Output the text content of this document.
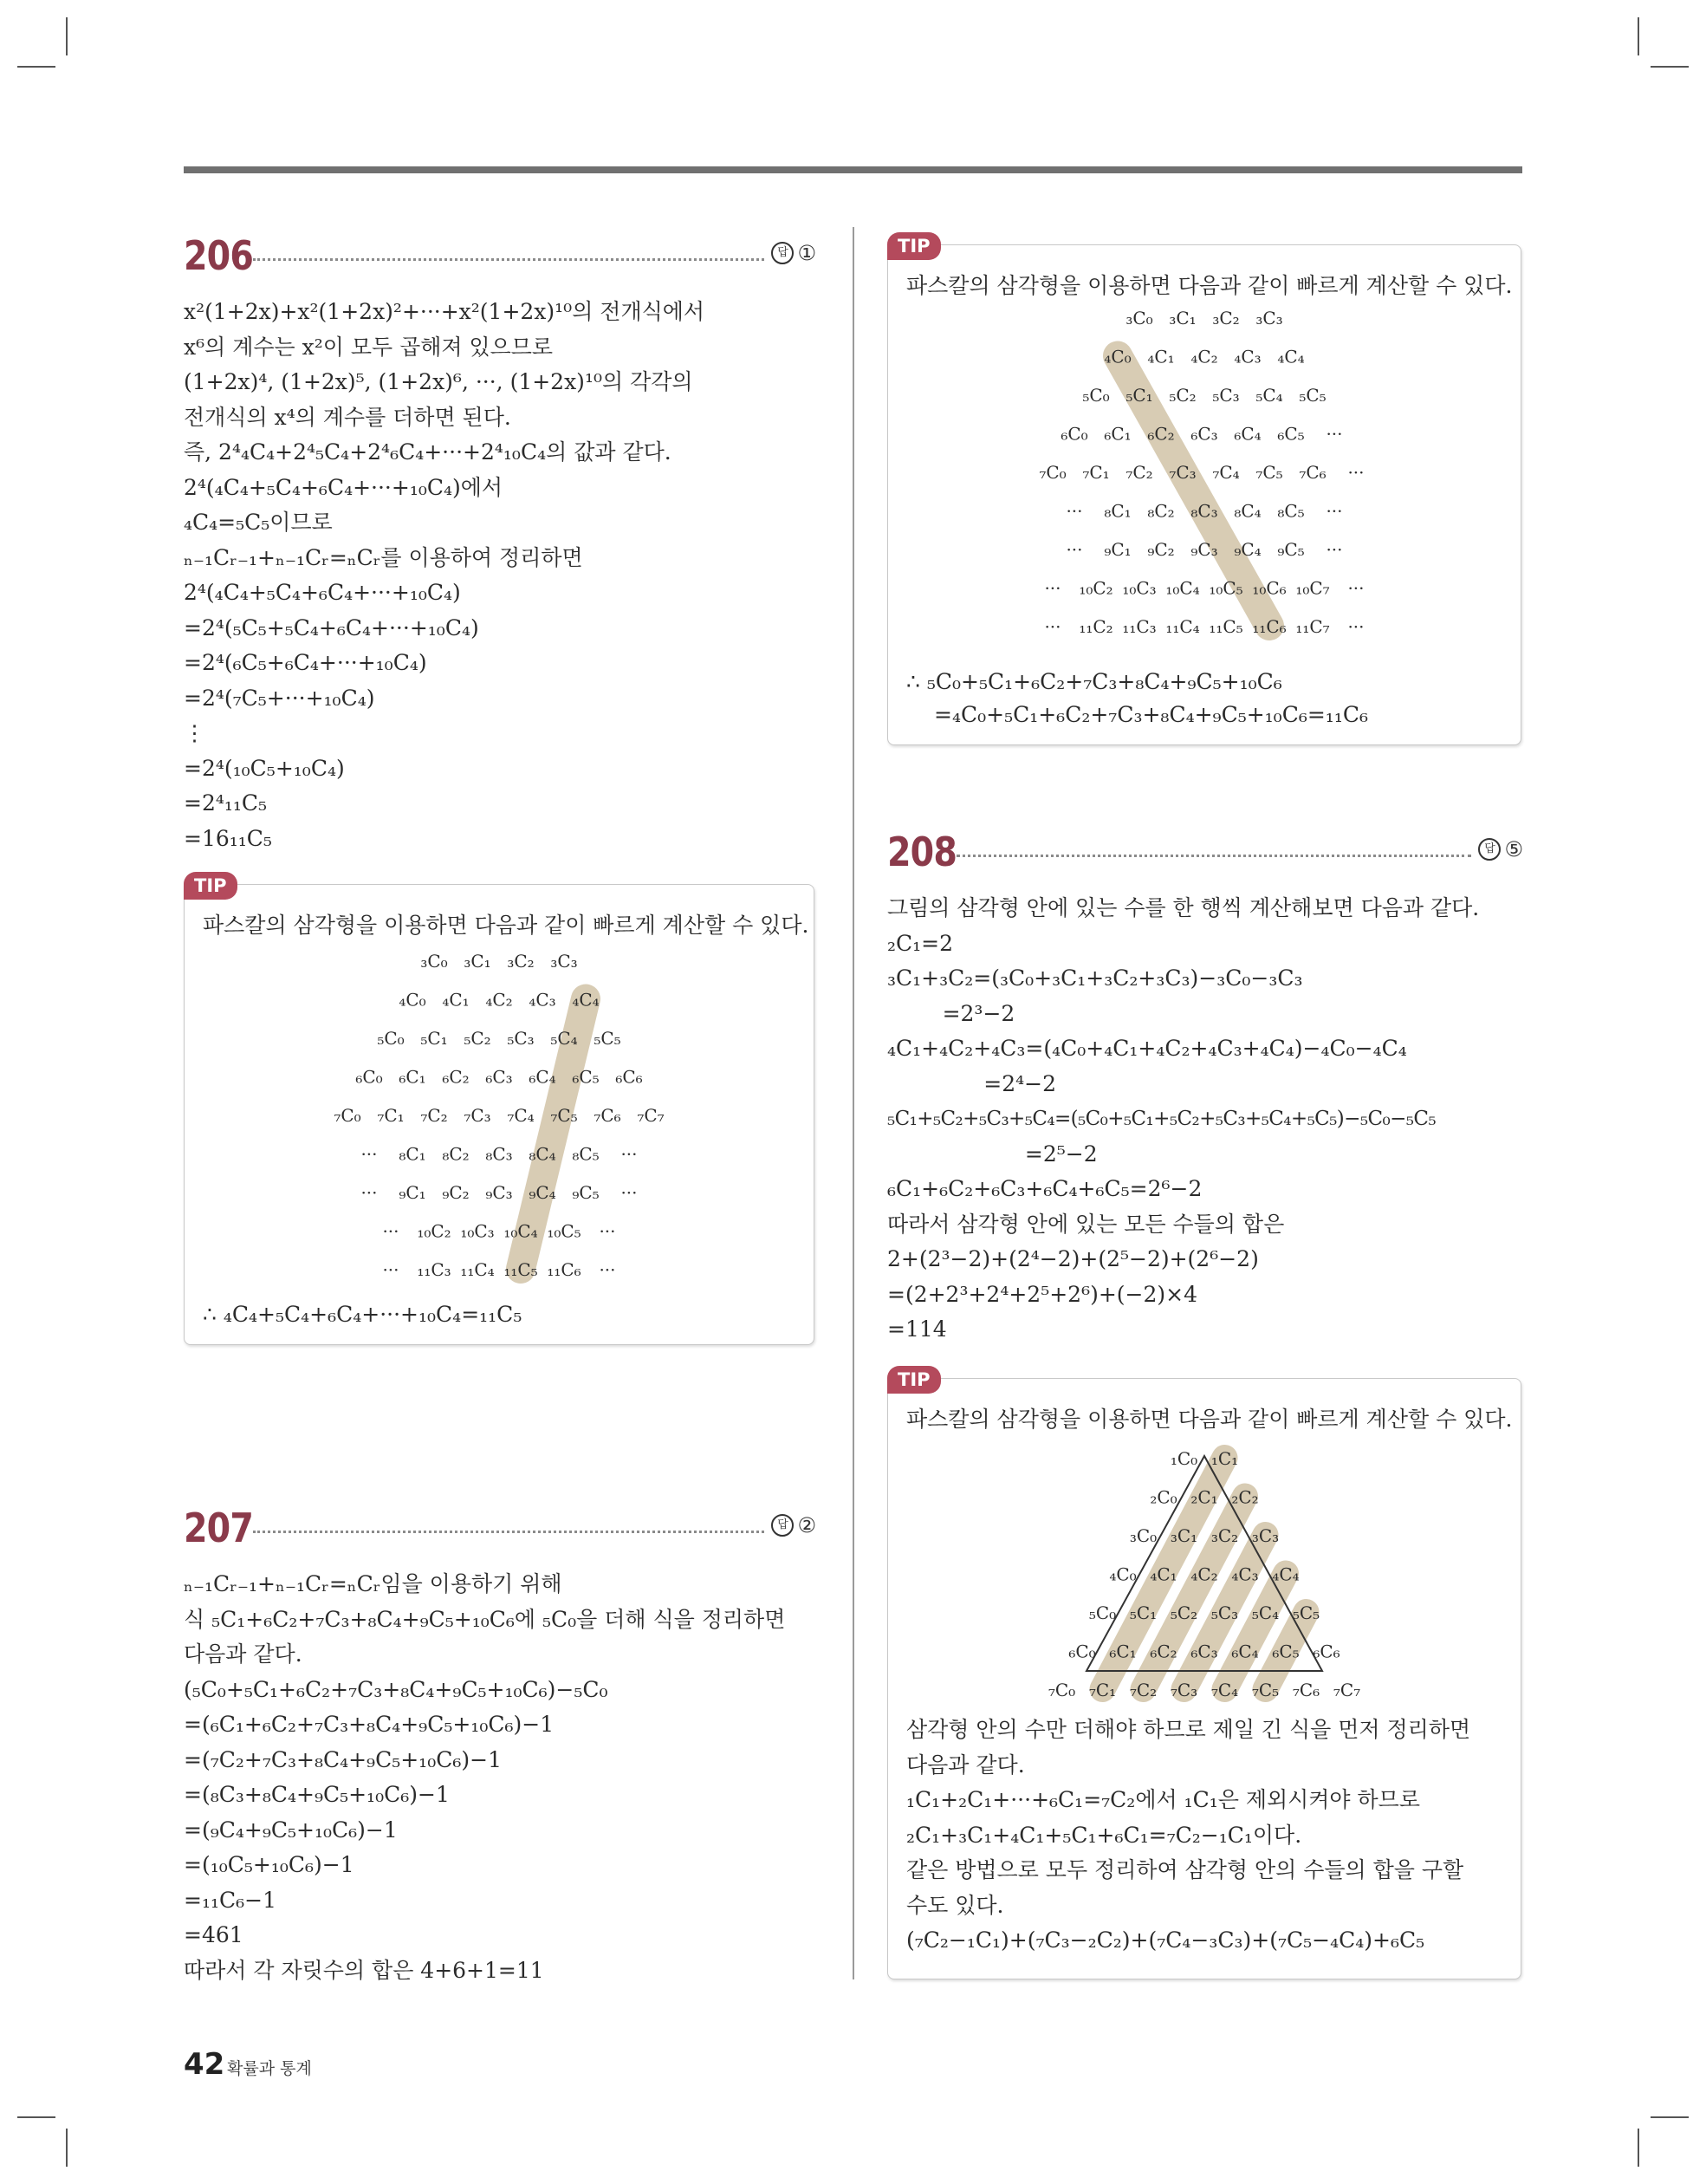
206	답 ①
x²(1+2x)+x²(1+2x)²+···+x²(1+2x)¹⁰의 전개식에서
x⁶의 계수는 x²이 모두 곱해져 있으므로
(1+2x)⁴, (1+2x)⁵, (1+2x)⁶, ···, (1+2x)¹⁰의 각각의
전개식의 x⁴의 계수를 더하면 된다.
즉, 2⁴₄C₄+2⁴₅C₄+2⁴₆C₄+···+2⁴₁₀C₄의 값과 같다.
2⁴(₄C₄+₅C₄+₆C₄+···+₁₀C₄)에서
₄C₄=₅C₅이므로
ₙ₋₁Cᵣ₋₁+ₙ₋₁Cᵣ=ₙCᵣ를 이용하여 정리하면
2⁴(₄C₄+₅C₄+₆C₄+···+₁₀C₄)
=2⁴(₅C₅+₅C₄+₆C₄+···+₁₀C₄)
=2⁴(₆C₅+₆C₄+···+₁₀C₄)
=2⁴(₇C₅+···+₁₀C₄)
⋮
=2⁴(₁₀C₅+₁₀C₄)
=2⁴₁₁C₅
=16₁₁C₅
TIP
파스칼의 삼각형을 이용하면 다음과 같이 빠르게 계산할 수 있다.
₃C₀ ₃C₁ ₃C₂ ₃C₃
₄C₀ ₄C₁ ₄C₂ ₄C₃ ₄C₄
₅C₀ ₅C₁ ₅C₂ ₅C₃ ₅C₄ ₅C₅
₆C₀ ₆C₁ ₆C₂ ₆C₃ ₆C₄ ₆C₅ ₆C₆
₇C₀ ₇C₁ ₇C₂ ₇C₃ ₇C₄ ₇C₅ ₇C₆ ₇C₇
··· ₈C₁ ₈C₂ ₈C₃ ₈C₄ ₈C₅ ···
··· ₉C₁ ₉C₂ ₉C₃ ₉C₄ ₉C₅ ···
··· ₁₀C₂ ₁₀C₃ ₁₀C₄ ₁₀C₅ ···
··· ₁₁C₃ ₁₁C₄ ₁₁C₅ ₁₁C₆ ···
∴ ₄C₄+₅C₄+₆C₄+···+₁₀C₄=₁₁C₅
207	답 ②
ₙ₋₁Cᵣ₋₁+ₙ₋₁Cᵣ=ₙCᵣ임을 이용하기 위해
식 ₅C₁+₆C₂+₇C₃+₈C₄+₉C₅+₁₀C₆에 ₅C₀을 더해 식을 정리하면
다음과 같다.
(₅C₀+₅C₁+₆C₂+₇C₃+₈C₄+₉C₅+₁₀C₆)−₅C₀
=(₆C₁+₆C₂+₇C₃+₈C₄+₉C₅+₁₀C₆)−1
=(₇C₂+₇C₃+₈C₄+₉C₅+₁₀C₆)−1
=(₈C₃+₈C₄+₉C₅+₁₀C₆)−1
=(₉C₄+₉C₅+₁₀C₆)−1
=(₁₀C₅+₁₀C₆)−1
=₁₁C₆−1
=461
따라서 각 자릿수의 합은 4+6+1=11
TIP
파스칼의 삼각형을 이용하면 다음과 같이 빠르게 계산할 수 있다.
₃C₀ ₃C₁ ₃C₂ ₃C₃
₄C₀ ₄C₁ ₄C₂ ₄C₃ ₄C₄
₅C₀ ₅C₁ ₅C₂ ₅C₃ ₅C₄ ₅C₅
₆C₀ ₆C₁ ₆C₂ ₆C₃ ₆C₄ ₆C₅ ···
₇C₀ ₇C₁ ₇C₂ ₇C₃ ₇C₄ ₇C₅ ₇C₆ ···
··· ₈C₁ ₈C₂ ₈C₃ ₈C₄ ₈C₅ ···
··· ₉C₁ ₉C₂ ₉C₃ ₉C₄ ₉C₅ ···
··· ₁₀C₂ ₁₀C₃ ₁₀C₄ ₁₀C₅ ₁₀C₆ ₁₀C₇ ···
··· ₁₁C₂ ₁₁C₃ ₁₁C₄ ₁₁C₅ ₁₁C₆ ₁₁C₇ ···
∴ ₅C₀+₅C₁+₆C₂+₇C₃+₈C₄+₉C₅+₁₀C₆
=₄C₀+₅C₁+₆C₂+₇C₃+₈C₄+₉C₅+₁₀C₆=₁₁C₆
208	답 ⑤
그림의 삼각형 안에 있는 수를 한 행씩 계산해보면 다음과 같다.
₂C₁=2
₃C₁+₃C₂=(₃C₀+₃C₁+₃C₂+₃C₃)−₃C₀−₃C₃
=2³−2
₄C₁+₄C₂+₄C₃=(₄C₀+₄C₁+₄C₂+₄C₃+₄C₄)−₄C₀−₄C₄
=2⁴−2
₅C₁+₅C₂+₅C₃+₅C₄=(₅C₀+₅C₁+₅C₂+₅C₃+₅C₄+₅C₅)−₅C₀−₅C₅
=2⁵−2
₆C₁+₆C₂+₆C₃+₆C₄+₆C₅=2⁶−2
따라서 삼각형 안에 있는 모든 수들의 합은
2+(2³−2)+(2⁴−2)+(2⁵−2)+(2⁶−2)
=(2+2³+2⁴+2⁵+2⁶)+(−2)×4
=114
TIP
파스칼의 삼각형을 이용하면 다음과 같이 빠르게 계산할 수 있다.
₁C₀ ₁C₁
₂C₀ ₂C₁ ₂C₂
₃C₀ ₃C₁ ₃C₂ ₃C₃
₄C₀ ₄C₁ ₄C₂ ₄C₃ ₄C₄
₅C₀ ₅C₁ ₅C₂ ₅C₃ ₅C₄ ₅C₅
₆C₀ ₆C₁ ₆C₂ ₆C₃ ₆C₄ ₆C₅ ₆C₆
₇C₀ ₇C₁ ₇C₂ ₇C₃ ₇C₄ ₇C₅ ₇C₆ ₇C₇
삼각형 안의 수만 더해야 하므로 제일 긴 식을 먼저 정리하면
다음과 같다.
₁C₁+₂C₁+···+₆C₁=₇C₂에서 ₁C₁은 제외시켜야 하므로
₂C₁+₃C₁+₄C₁+₅C₁+₆C₁=₇C₂−₁C₁이다.
같은 방법으로 모두 정리하여 삼각형 안의 수들의 합을 구할
수도 있다.
(₇C₂−₁C₁)+(₇C₃−₂C₂)+(₇C₄−₃C₃)+(₇C₅−₄C₄)+₆C₅
42 확률과 통계
